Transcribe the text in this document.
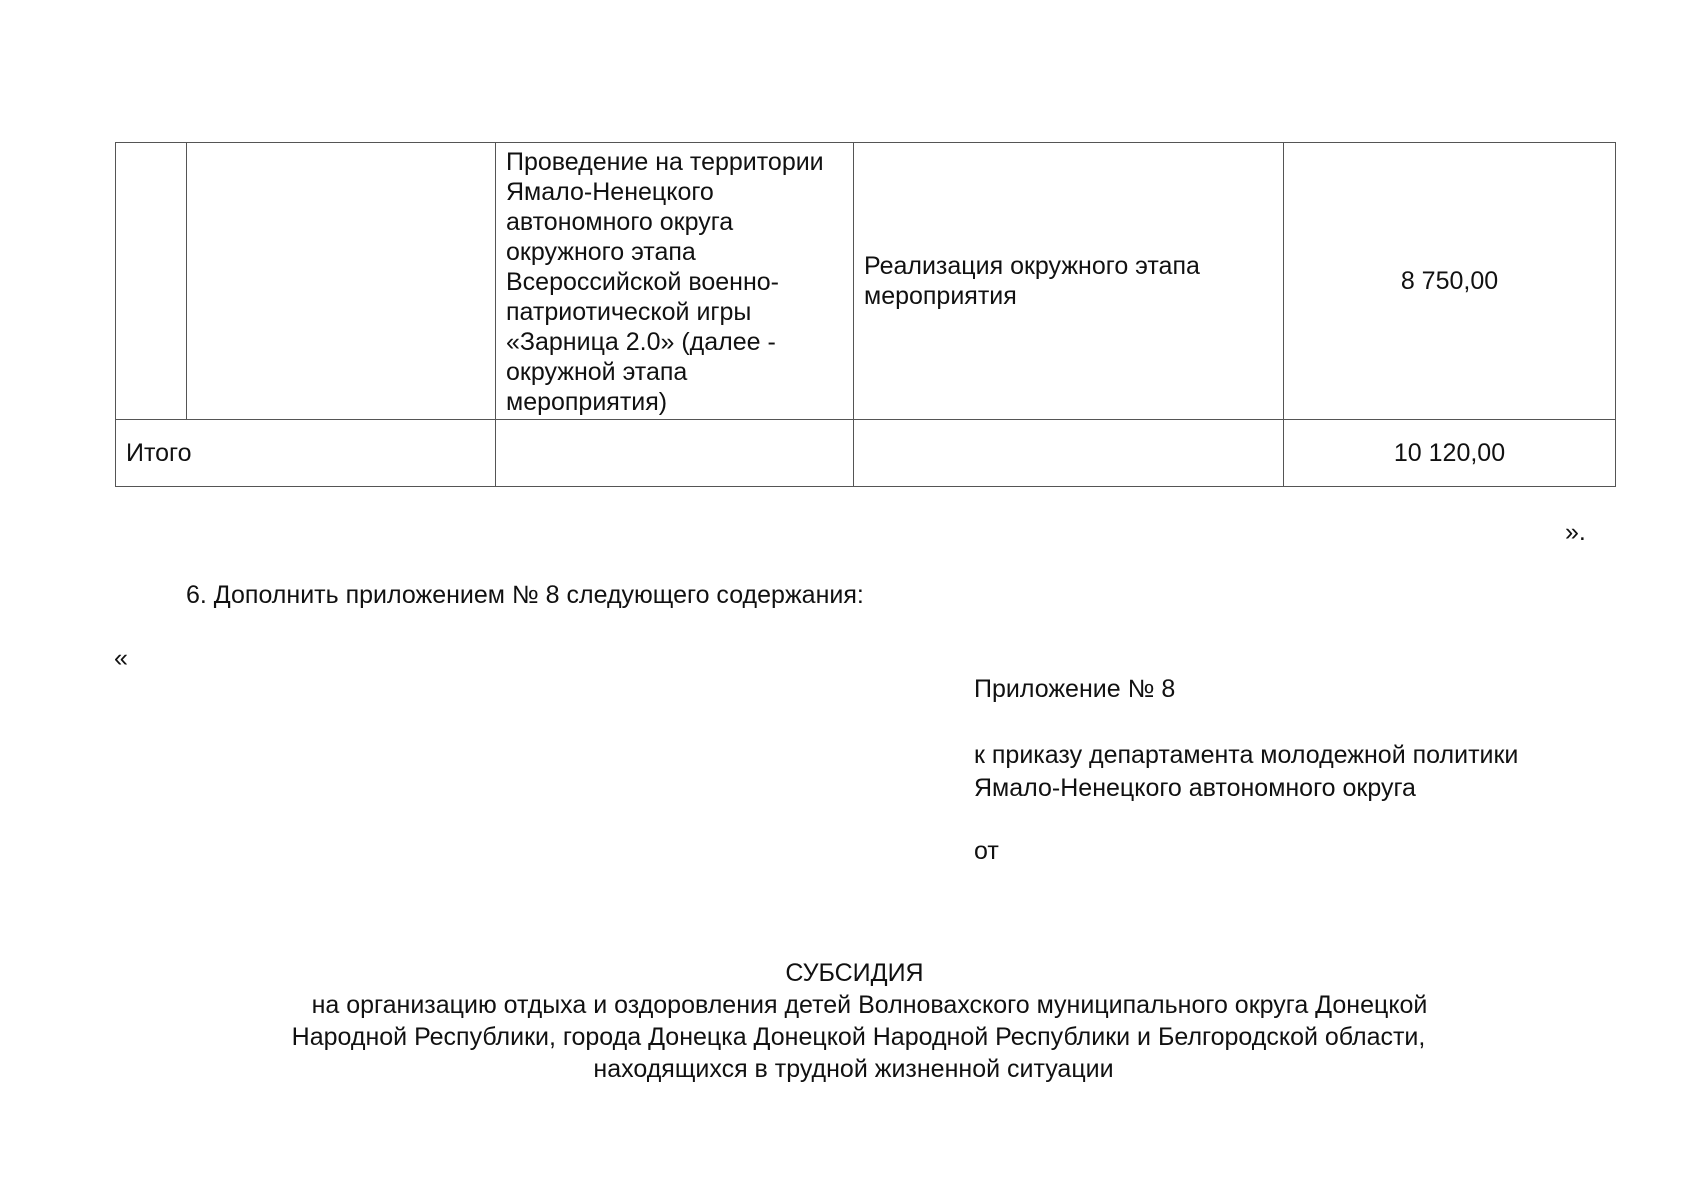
		Проведение на территории Ямало-Ненецкого автономного округа окружного этапа Всероссийской военно-патриотической игры «Зарница 2.0» (далее - окружной этапа мероприятия)	Реализация окружного этапа мероприятия	8 750,00
Итого				10 120,00
».
6. Дополнить приложением № 8 следующего содержания:
«
Приложение № 8
к приказу департамента молодежной политики Ямало-Ненецкого автономного округа
от
СУБСИДИЯ
на организацию отдыха и оздоровления детей Волновахского муниципального округа Донецкой
Народной Республики, города Донецка Донецкой Народной Республики и Белгородской области,
находящихся в трудной жизненной ситуации
